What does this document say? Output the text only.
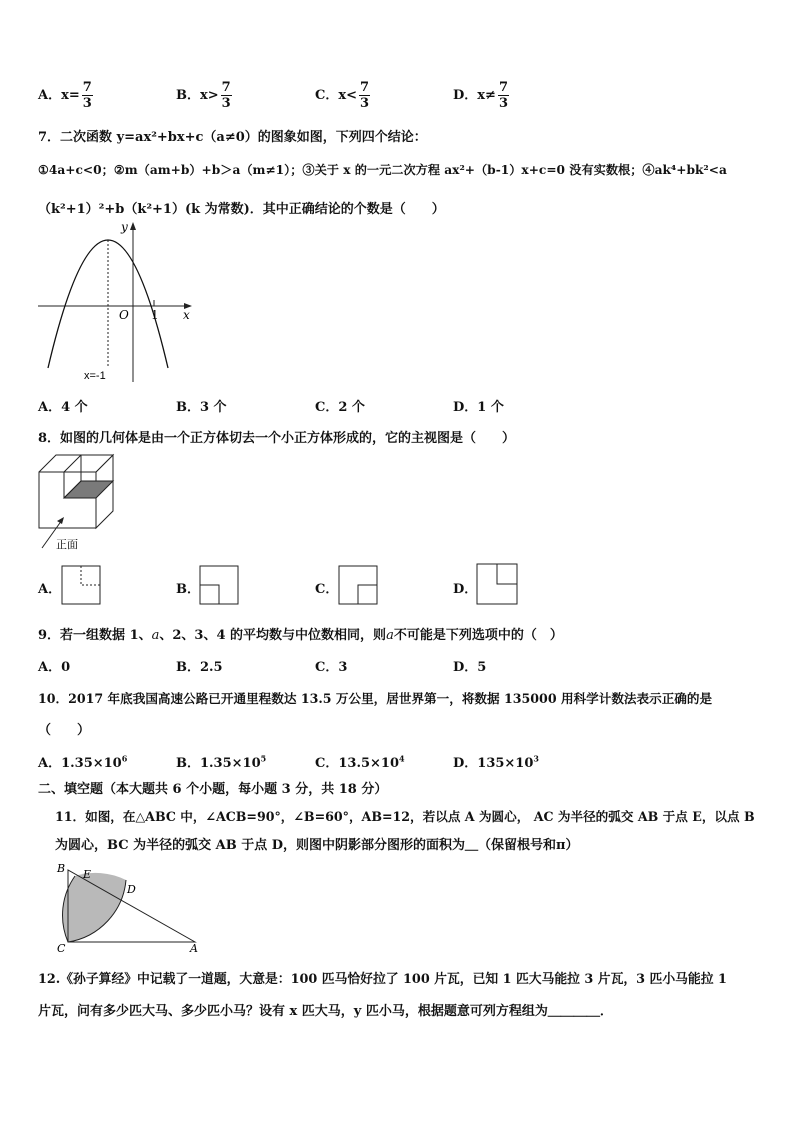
A．$x= \frac{7}{3}$	B．$x> \frac{7}{3}$	C．$x< \frac{7}{3}$	D．$x\ne \frac{7}{3}$
7．二次函数 y=ax²+bx+c（a≠0）的图象如图，下列四个结论：
①4a+c<0；②m（am+b）+b＞a（m≠1）；③关于 x 的一元二次方程 ax²+（b-1）x+c=0 没有实数根；④ak⁴+bk²<a
（k²+1）²+b（k²+1）(k 为常数)．其中正确结论的个数是（　　）
y
x
O 1
x=-1
A．4 个	B．3 个	C．2 个	D．1 个
8．如图的几何体是由一个正方体切去一个小正方体形成的，它的主视图是（　　）
正面
A．	B．	C．	D．
9．若一组数据 1、a、2、3、4 的平均数与中位数相同，则a不可能是下列选项中的（　）
A．0	B．2.5	C．3	D．5
10．2017 年底我国高速公路已开通里程数达 13.5 万公里，居世界第一，将数据 135000 用科学计数法表示正确的是
（　　）
A．$1.35\times 10^6$	B．$1.35\times 10^5$	C．$13.5\times 10^4$	D．$135\times 10^3$
二、填空题（本大题共 6 个小题，每小题 3 分，共 18 分）
11．如图，在△ABC 中，∠ACB=90°，∠B=60°，AB=12，若以点 A 为圆心， AC 为半径的弧交 AB 于点 E，以点 B
为圆心，BC 为半径的弧交 AB 于点 D，则图中阴影部分图形的面积为＿（保留根号和π）
B E
D
C	A
12.《孙子算经》中记载了一道题，大意是：100 匹马恰好拉了 100 片瓦，已知 1 匹大马能拉 3 片瓦，3 匹小马能拉 1
片瓦，问有多少匹大马、多少匹小马？设有 x 匹大马，y 匹小马，根据题意可列方程组为＿＿＿＿．
